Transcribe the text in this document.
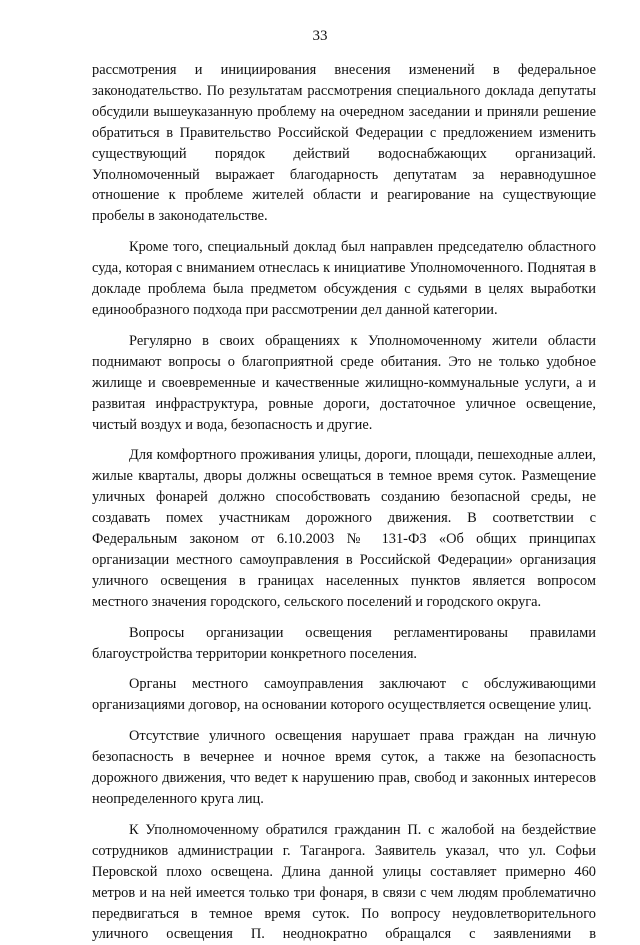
33

рассмотрения и инициирования внесения изменений в федеральное законодательство. По результатам рассмотрения специального доклада депутаты обсудили вышеуказанную проблему на очередном заседании и приняли решение обратиться в Правительство Российской Федерации с предложением изменить существующий порядок действий водоснабжающих организаций. Уполномоченный выражает благодарность депутатам за неравнодушное отношение к проблеме жителей области и реагирование на существующие пробелы в законодательстве.

Кроме того, специальный доклад был направлен председателю областного суда, которая с вниманием отнеслась к инициативе Уполномоченного. Поднятая в докладе проблема была предметом обсуждения с судьями в целях выработки единообразного подхода при рассмотрении дел данной категории.

Регулярно в своих обращениях к Уполномоченному жители области поднимают вопросы о благоприятной среде обитания. Это не только удобное жилище и своевременные и качественные жилищно-коммунальные услуги, а и развитая инфраструктура, ровные дороги, достаточное уличное освещение, чистый воздух и вода, безопасность и другие.

Для комфортного проживания улицы, дороги, площади, пешеходные аллеи, жилые кварталы, дворы должны освещаться в темное время суток. Размещение уличных фонарей должно способствовать созданию безопасной среды, не создавать помех участникам дорожного движения. В соответствии с Федеральным законом от 6.10.2003 № 131-ФЗ «Об общих принципах организации местного самоуправления в Российской Федерации» организация уличного освещения в границах населенных пунктов является вопросом местного значения городского, сельского поселений и городского округа.

Вопросы организации освещения регламентированы правилами благоустройства территории конкретного поселения.

Органы местного самоуправления заключают с обслуживающими организациями договор, на основании которого осуществляется освещение улиц.

Отсутствие уличного освещения нарушает права граждан на личную безопасность в вечернее и ночное время суток, а также на безопасность дорожного движения, что ведет к нарушению прав, свобод и законных интересов неопределенного круга лиц.

К Уполномоченному обратился гражданин П. с жалобой на бездействие сотрудников администрации г. Таганрога. Заявитель указал, что ул. Софьи Перовской плохо освещена. Длина данной улицы составляет примерно 460 метров и на ней имеется только три фонаря, в связи с чем людям проблематично передвигаться в темное время суток. По вопросу неудовлетворительного уличного освещения П. неоднократно обращался с заявлениями в
